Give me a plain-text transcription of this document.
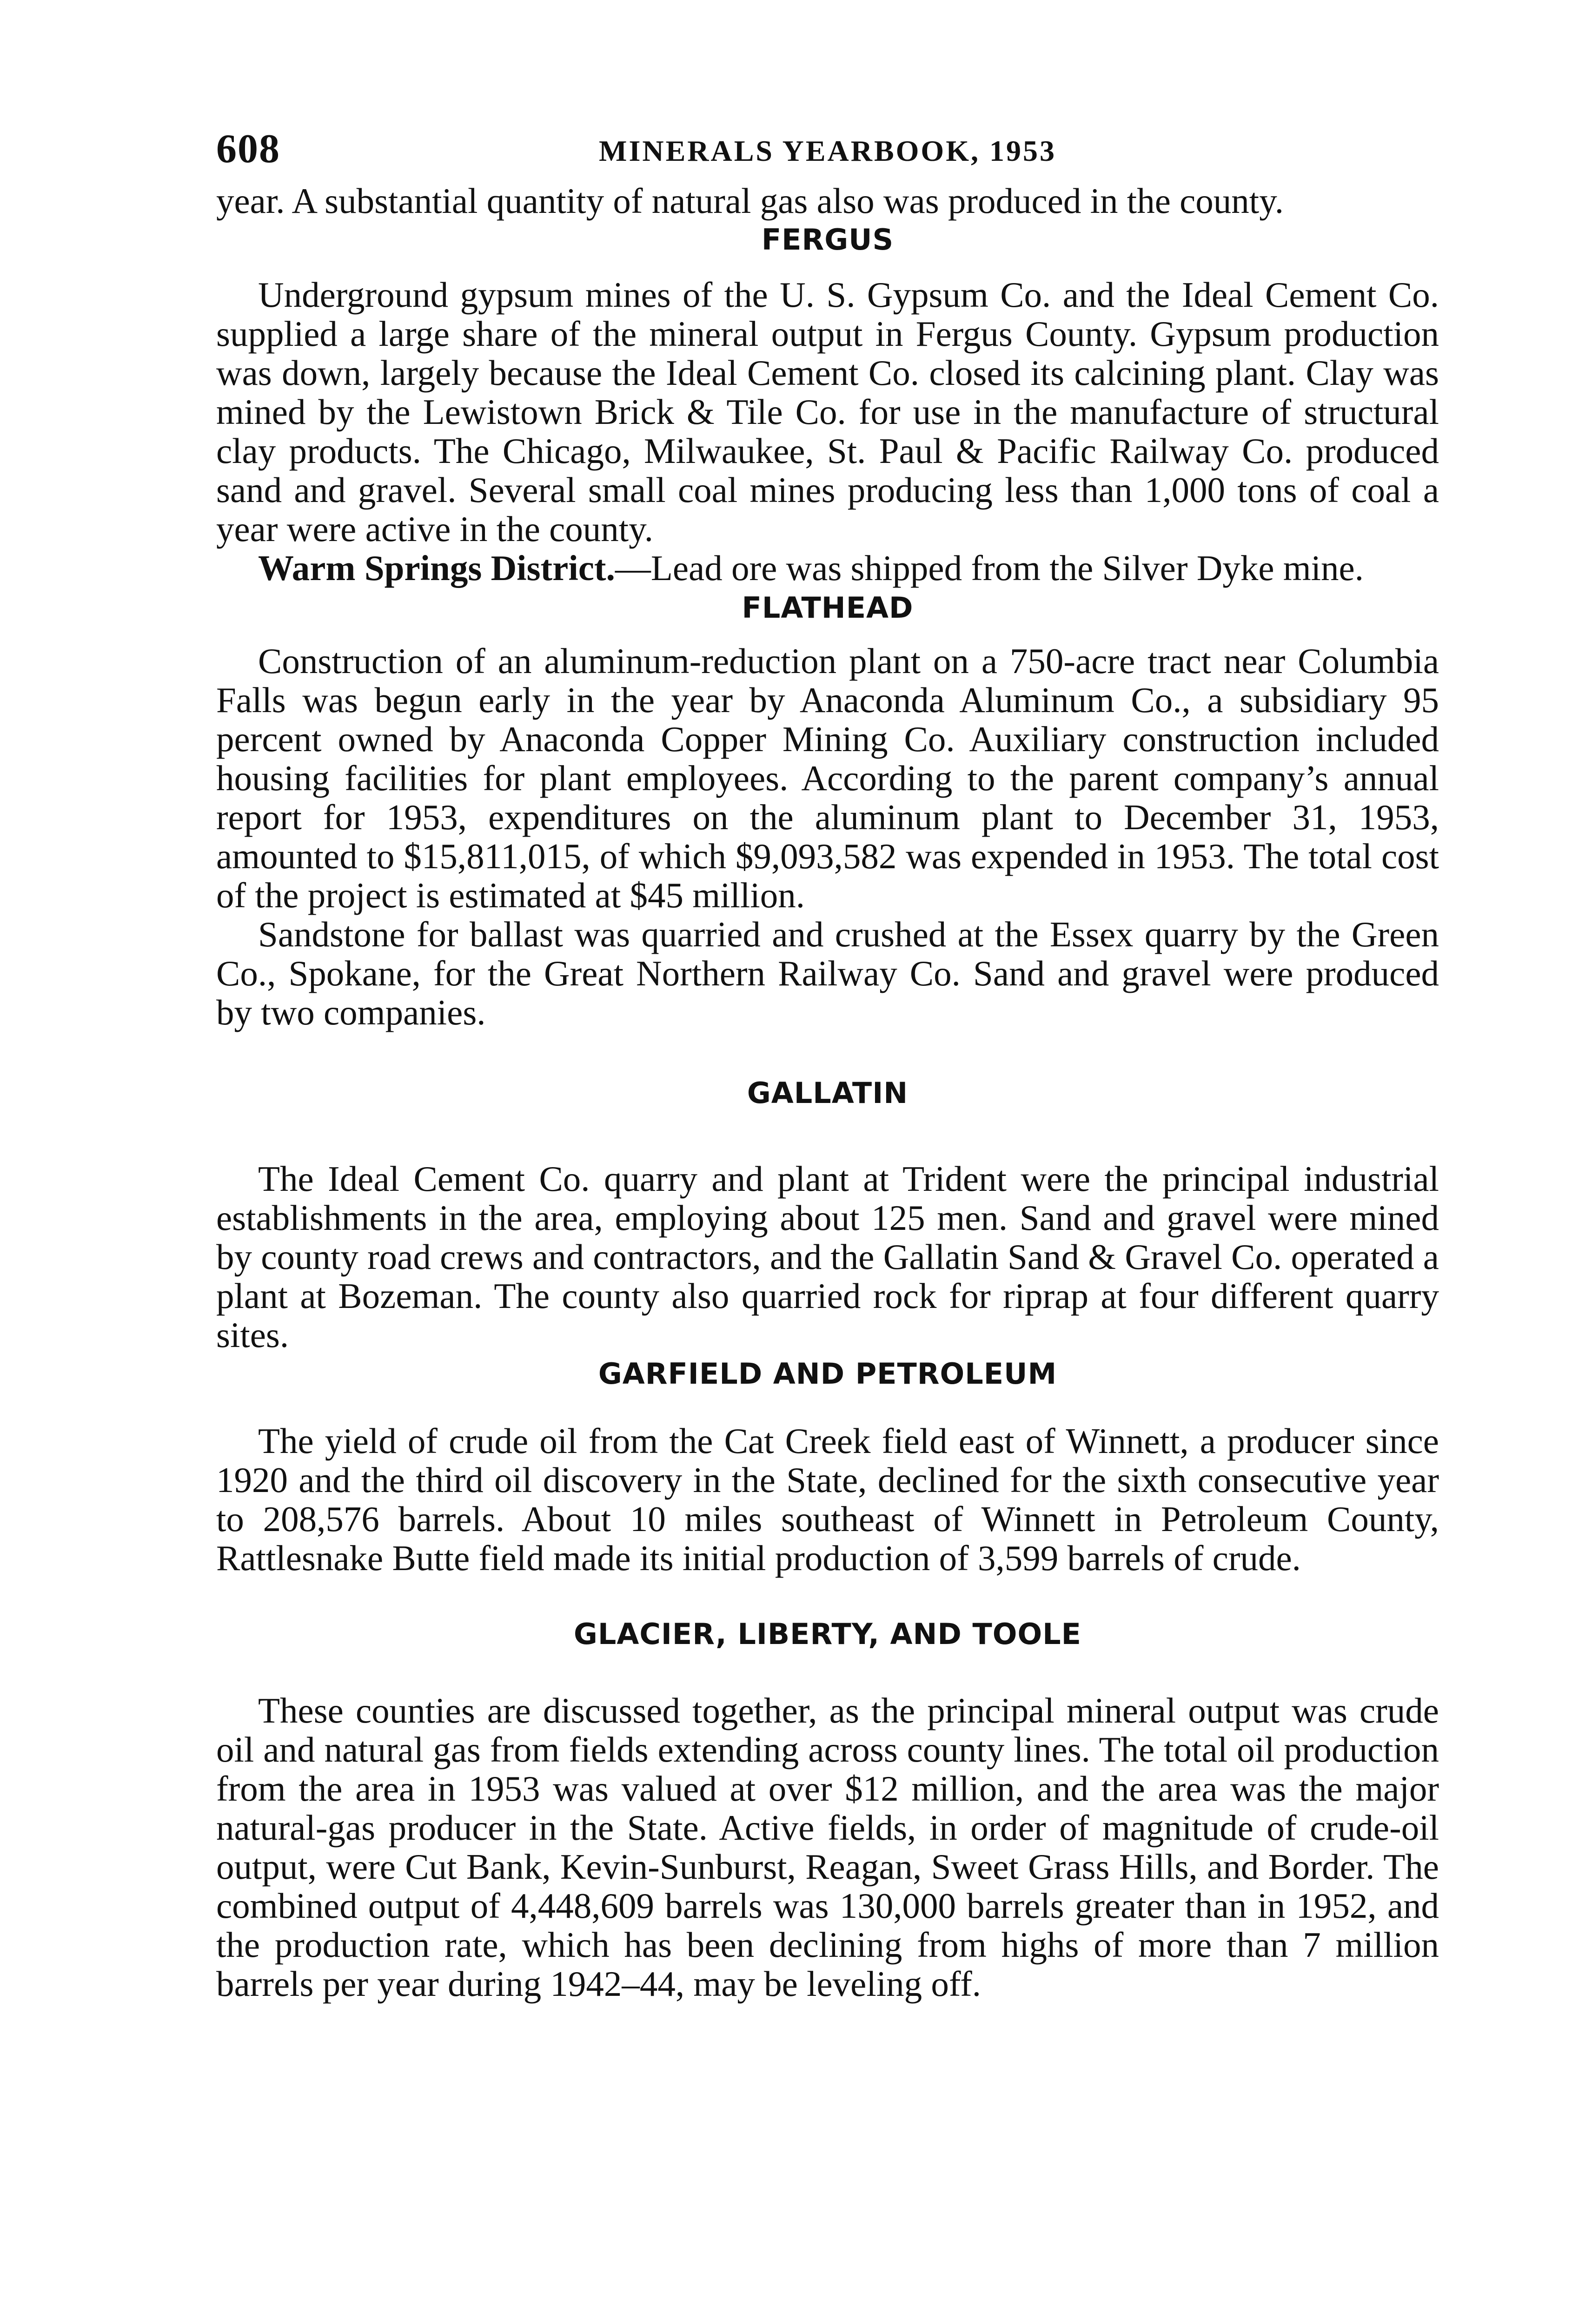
608	MINERALS YEARBOOK, 1953

year. A substantial quantity of natural gas also was produced in the county.

FERGUS

Underground gypsum mines of the U. S. Gypsum Co. and the Ideal Cement Co. supplied a large share of the mineral output in Fergus County. Gypsum production was down, largely because the Ideal Cement Co. closed its calcining plant. Clay was mined by the Lewistown Brick & Tile Co. for use in the manufacture of structural clay products. The Chicago, Milwaukee, St. Paul & Pacific Railway Co. produced sand and gravel. Several small coal mines producing less than 1,000 tons of coal a year were active in the county.

Warm Springs District.—Lead ore was shipped from the Silver Dyke mine.

FLATHEAD

Construction of an aluminum-reduction plant on a 750-acre tract near Columbia Falls was begun early in the year by Anaconda Aluminum Co., a subsidiary 95 percent owned by Anaconda Copper Mining Co. Auxiliary construction included housing facilities for plant employees. According to the parent company’s annual report for 1953, expenditures on the aluminum plant to December 31, 1953, amounted to $15,811,015, of which $9,093,582 was expended in 1953. The total cost of the project is estimated at $45 million.

Sandstone for ballast was quarried and crushed at the Essex quarry by the Green Co., Spokane, for the Great Northern Railway Co. Sand and gravel were produced by two companies.

GALLATIN

The Ideal Cement Co. quarry and plant at Trident were the principal industrial establishments in the area, employing about 125 men. Sand and gravel were mined by county road crews and contractors, and the Gallatin Sand & Gravel Co. operated a plant at Bozeman. The county also quarried rock for riprap at four different quarry sites.

GARFIELD AND PETROLEUM

The yield of crude oil from the Cat Creek field east of Winnett, a producer since 1920 and the third oil discovery in the State, declined for the sixth consecutive year to 208,576 barrels. About 10 miles southeast of Winnett in Petroleum County, Rattlesnake Butte field made its initial production of 3,599 barrels of crude.

GLACIER, LIBERTY, AND TOOLE

These counties are discussed together, as the principal mineral output was crude oil and natural gas from fields extending across county lines. The total oil production from the area in 1953 was valued at over $12 million, and the area was the major natural-gas producer in the State. Active fields, in order of magnitude of crude-oil output, were Cut Bank, Kevin-Sunburst, Reagan, Sweet Grass Hills, and Border. The combined output of 4,448,609 barrels was 130,000 barrels greater than in 1952, and the production rate, which has been declining from highs of more than 7 million barrels per year during 1942–44, may be leveling off.
